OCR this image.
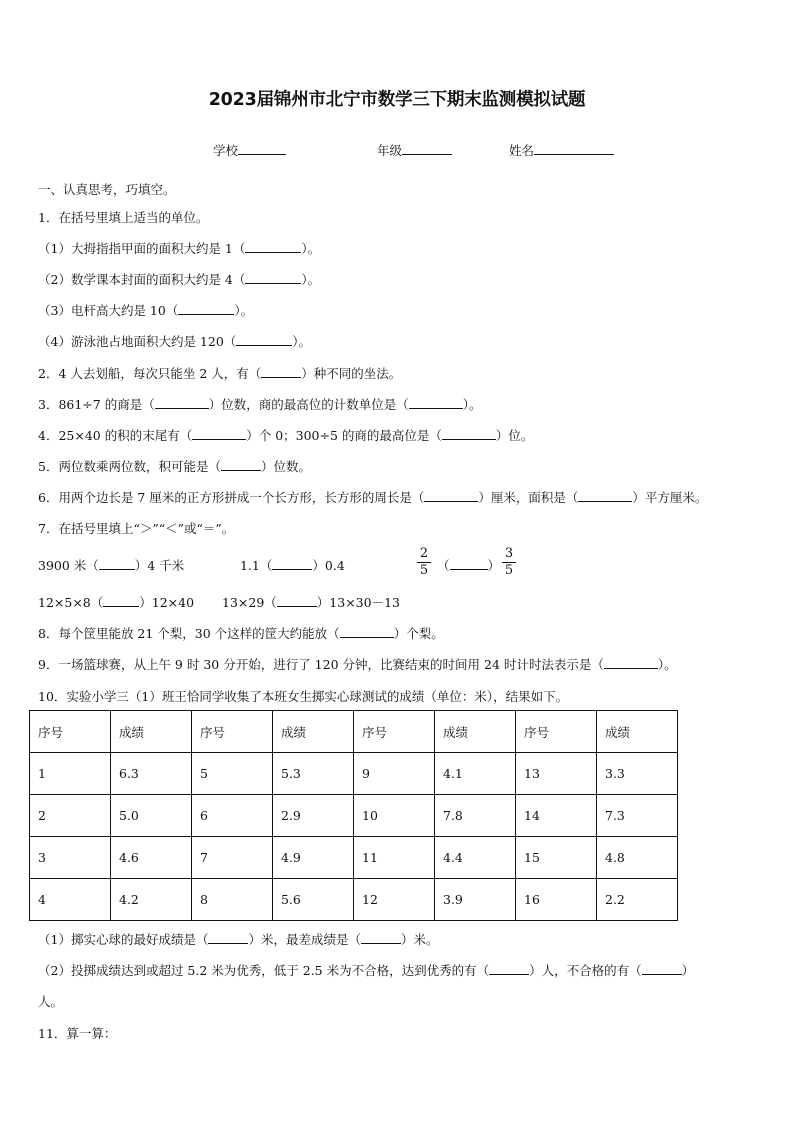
2023届锦州市北宁市数学三下期末监测模拟试题
学校	年级	姓名
一、认真思考，巧填空。
1．在括号里填上适当的单位。
（1）大拇指指甲面的面积大约是 1（	）。
（2）数学课本封面的面积大约是 4（	）。
（3）电杆高大约是 10（	）。
（4）游泳池占地面积大约是 120（	）。
2．4 人去划船，每次只能坐 2 人，有（	）种不同的坐法。
3．861÷7 的商是（	）位数，商的最高位的计数单位是（	）。
4．25×40 的积的末尾有（	）个 0；300÷5 的商的最高位是（	）位。
5．两位数乘两位数，积可能是（	）位数。
6．用两个边长是 7 厘米的正方形拼成一个长方形，长方形的周长是（	）厘米，面积是（	）平方厘米。
7．在括号里填上“＞”“＜”或“＝”。
3900 米（	）4 千米	1.1（	）0.4	$\frac{2}{5}$ （	） $\frac{3}{5}$
12×5×8（	）12×40 13×29（	）13×30－13
8．每个筐里能放 21 个梨，30 个这样的筐大约能放（	）个梨。
9．一场篮球赛，从上午 9 时 30 分开始，进行了 120 分钟，比赛结束的时间用 24 时计时法表示是（	）。
10．实验小学三（1）班王恰同学收集了本班女生掷实心球测试的成绩（单位：米），结果如下。
序号	成绩	序号	成绩	序号	成绩	序号	成绩
1	6.3	5	5.3	9	4.1	13	3.3
2	5.0	6	2.9	10	7.8	14	7.3
3	4.6	7	4.9	11	4.4	15	4.8
4	4.2	8	5.6	12	3.9	16	2.2
（1）掷实心球的最好成绩是（	）米，最差成绩是（	）米。
（2）投掷成绩达到或超过 5.2 米为优秀，低于 2.5 米为不合格，达到优秀的有（	）人，不合格的有（	）
人。
11．算一算：
